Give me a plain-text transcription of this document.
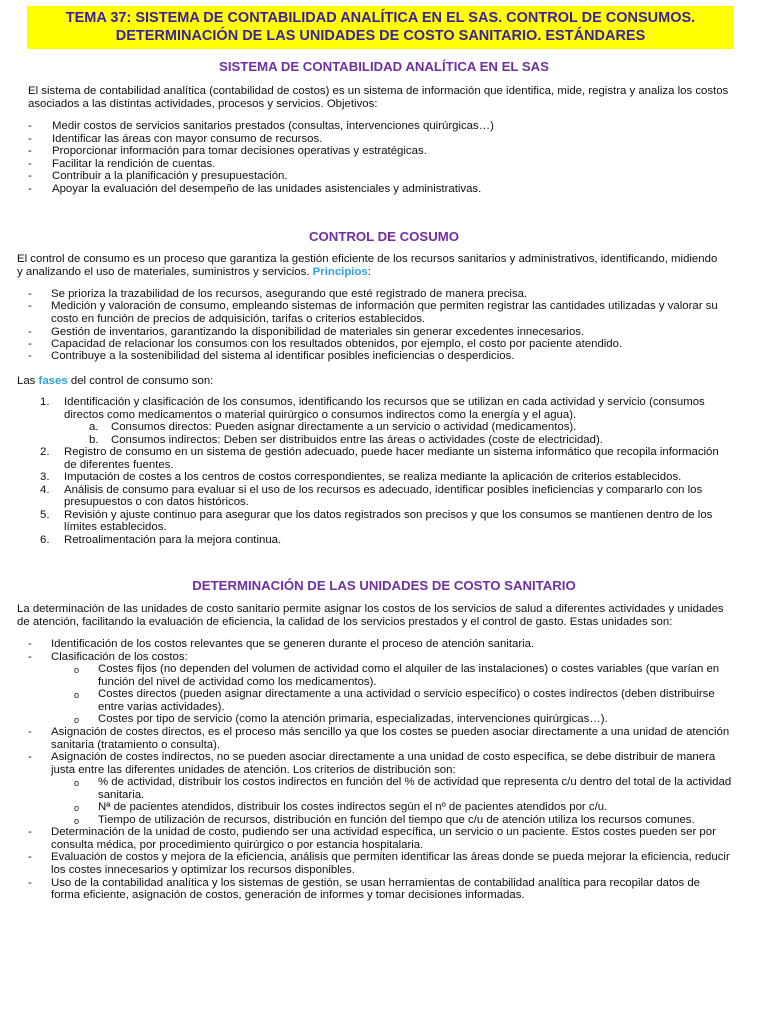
TEMA 37: SISTEMA DE CONTABILIDAD ANALÍTICA EN EL SAS. CONTROL DE CONSUMOS.
DETERMINACIÓN DE LAS UNIDADES DE COSTO SANITARIO. ESTÁNDARES
SISTEMA DE CONTABILIDAD ANALÍTICA EN EL SAS
El sistema de contabilidad analítica (contabilidad de costos) es un sistema de información que identifica, mide, registra y analiza los costos
asociados a las distintas actividades, procesos y servicios. Objetivos:
- Medir costos de servicios sanitarios prestados (consultas, intervenciones quirúrgicas…)
- Identificar las áreas con mayor consumo de recursos.
- Proporcionar información para tomar decisiones operativas y estratégicas.
- Facilitar la rendición de cuentas.
- Contribuir a la planificación y presupuestación.
- Apoyar la evaluación del desempeño de las unidades asistenciales y administrativas.
CONTROL DE COSUMO
El control de consumo es un proceso que garantiza la gestión eficiente de los recursos sanitarios y administrativos, identificando, midiendo
y analizando el uso de materiales, suministros y servicios. Principios:
- Se prioriza la trazabilidad de los recursos, asegurando que esté registrado de manera precisa.
- Medición y valoración de consumo, empleando sistemas de información que permiten registrar las cantidades utilizadas y valorar su
costo en función de precios de adquisición, tarifas o criterios establecidos.
- Gestión de inventarios, garantizando la disponibilidad de materiales sin generar excedentes innecesarios.
- Capacidad de relacionar los consumos con los resultados obtenidos, por ejemplo, el costo por paciente atendido.
- Contribuye a la sostenibilidad del sistema al identificar posibles ineficiencias o desperdicios.
Las fases del control de consumo son:
1. Identificación y clasificación de los consumos, identificando los recursos que se utilizan en cada actividad y servicio (consumos
directos como medicamentos o material quirúrgico o consumos indirectos como la energía y el agua).
a. Consumos directos: Pueden asignar directamente a un servicio o actividad (medicamentos).
b. Consumos indirectos: Deben ser distribuidos entre las áreas o actividades (coste de electricidad).
2. Registro de consumo en un sistema de gestión adecuado, puede hacer mediante un sistema informático que recopila información
de diferentes fuentes.
3. Imputación de costes a los centros de costos correspondientes, se realiza mediante la aplicación de criterios establecidos.
4. Análisis de consumo para evaluar si el uso de los recursos es adecuado, identificar posibles ineficiencias y compararlo con los
presupuestos o con datos históricos.
5. Revisión y ajuste continuo para asegurar que los datos registrados son precisos y que los consumos se mantienen dentro de los
límites establecidos.
6. Retroalimentación para la mejora continua.
DETERMINACIÓN DE LAS UNIDADES DE COSTO SANITARIO
La determinación de las unidades de costo sanitario permite asignar los costos de los servicios de salud a diferentes actividades y unidades
de atención, facilitando la evaluación de eficiencia, la calidad de los servicios prestados y el control de gasto. Estas unidades son:
- Identificación de los costos relevantes que se generen durante el proceso de atención sanitaria.
- Clasificación de los costos:
o Costes fijos (no dependen del volumen de actividad como el alquiler de las instalaciones) o costes variables (que varían en
función del nivel de actividad como los medicamentos).
o Costes directos (pueden asignar directamente a una actividad o servicio específico) o costes indirectos (deben distribuirse
entre varias actividades).
o Costes por tipo de servicio (como la atención primaria, especializadas, intervenciones quirúrgicas…).
- Asignación de costes directos, es el proceso más sencillo ya que los costes se pueden asociar directamente a una unidad de atención
sanitaria (tratamiento o consulta).
- Asignación de costes indirectos, no se pueden asociar directamente a una unidad de costo específica, se debe distribuir de manera
justa entre las diferentes unidades de atención. Los criterios de distribución son:
o % de actividad, distribuir los costos indirectos en función del % de actividad que representa c/u dentro del total de la actividad
sanitaria.
o Nª de pacientes atendidos, distribuir los costes indirectos según el nº de pacientes atendidos por c/u.
o Tiempo de utilización de recursos, distribución en función del tiempo que c/u de atención utiliza los recursos comunes.
- Determinación de la unidad de costo, pudiendo ser una actividad específica, un servicio o un paciente. Estos costes pueden ser por
consulta médica, por procedimiento quirúrgico o por estancia hospitalaria.
- Evaluación de costos y mejora de la eficiencia, análisis que permiten identificar las áreas donde se pueda mejorar la eficiencia, reducir
los costes innecesarios y optimizar los recursos disponibles.
- Uso de la contabilidad analítica y los sistemas de gestión, se usan herramientas de contabilidad analítica para recopilar datos de
forma eficiente, asignación de costos, generación de informes y tomar decisiones informadas.
